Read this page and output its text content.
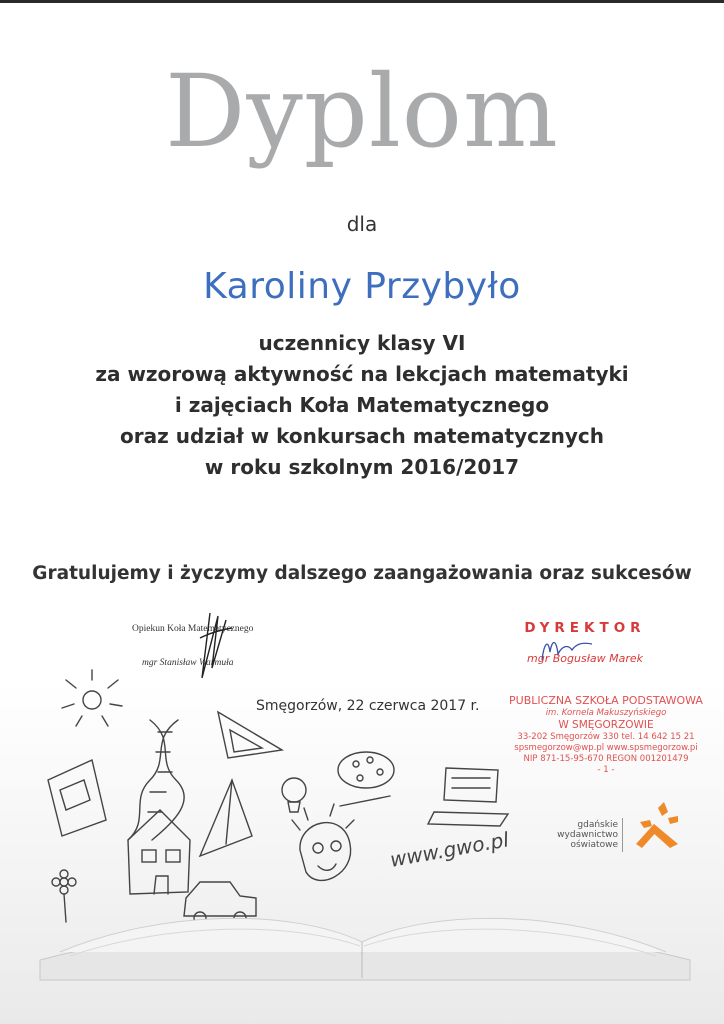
Dyplom
dla
Karoliny Przybyło
uczennicy klasy VI
za wzorową aktywność na lekcjach matematyki
i zajęciach Koła Matematycznego
oraz udział w konkursach matematycznych
w roku szkolnym 2016/2017
Gratulujemy i życzymy dalszego zaangażowania oraz sukcesów
Opiekun Koła Matematycznego
mgr Stanisław Warmuła
DYREKTOR
mgr Bogusław Marek
Smęgorzów, 22 czerwca 2017 r.	PUBLICZNA SZKOŁA PODSTAWOWA
im. Kornela Makuszyńskiego
W SMĘGORZOWIE
33-202 Smęgorzów 330 tel. 14 642 15 21
spsmegorzow@wp.pl www.spsmegorzow.pi
NIP 871-15-95-670 REGON 001201479
- 1 -
www.gwo.pl
gdańskie
wydawnictwo
oświatowe
